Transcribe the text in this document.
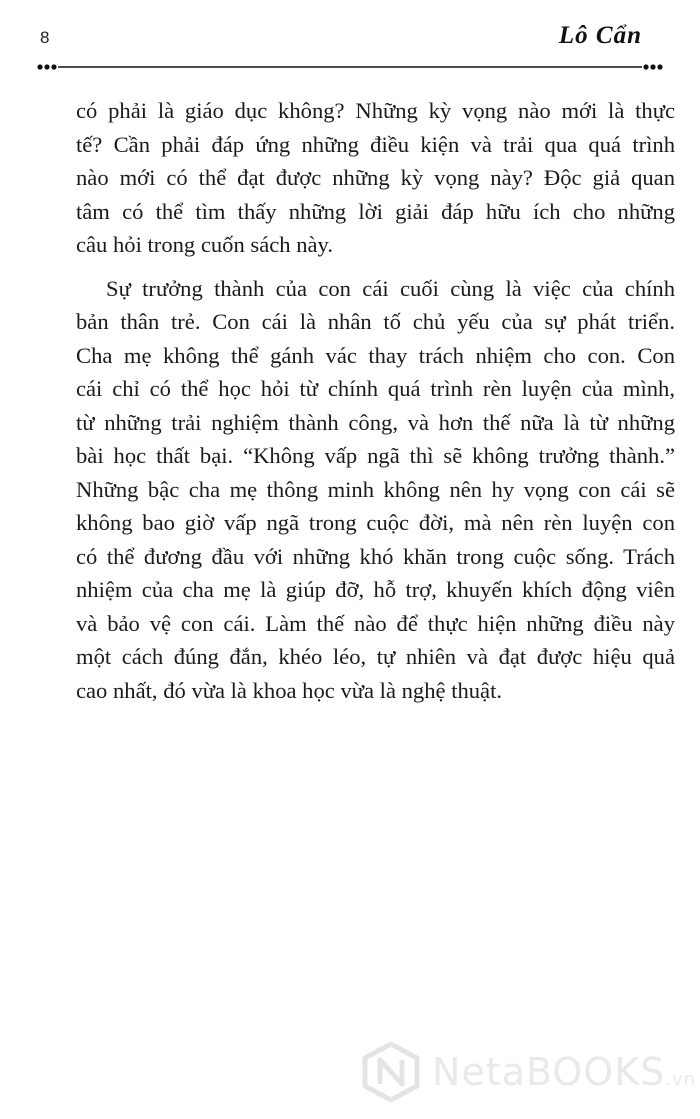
8	Lô Cẩn

có phải là giáo dục không? Những kỳ vọng nào mới là thực
tế? Cần phải đáp ứng những điều kiện và trải qua quá trình
nào mới có thể đạt được những kỳ vọng này? Độc giả quan
tâm có thể tìm thấy những lời giải đáp hữu ích cho những
câu hỏi trong cuốn sách này.

Sự trưởng thành của con cái cuối cùng là việc của chính
bản thân trẻ. Con cái là nhân tố chủ yếu của sự phát triển.
Cha mẹ không thể gánh vác thay trách nhiệm cho con. Con
cái chỉ có thể học hỏi từ chính quá trình rèn luyện của mình,
từ những trải nghiệm thành công, và hơn thế nữa là từ những
bài học thất bại. “Không vấp ngã thì sẽ không trưởng thành.”
Những bậc cha mẹ thông minh không nên hy vọng con cái sẽ
không bao giờ vấp ngã trong cuộc đời, mà nên rèn luyện con
có thể đương đầu với những khó khăn trong cuộc sống. Trách
nhiệm của cha mẹ là giúp đỡ, hỗ trợ, khuyến khích động viên
và bảo vệ con cái. Làm thế nào để thực hiện những điều này
một cách đúng đắn, khéo léo, tự nhiên và đạt được hiệu quả
cao nhất, đó vừa là khoa học vừa là nghệ thuật.

NetaBOOKS.vn
